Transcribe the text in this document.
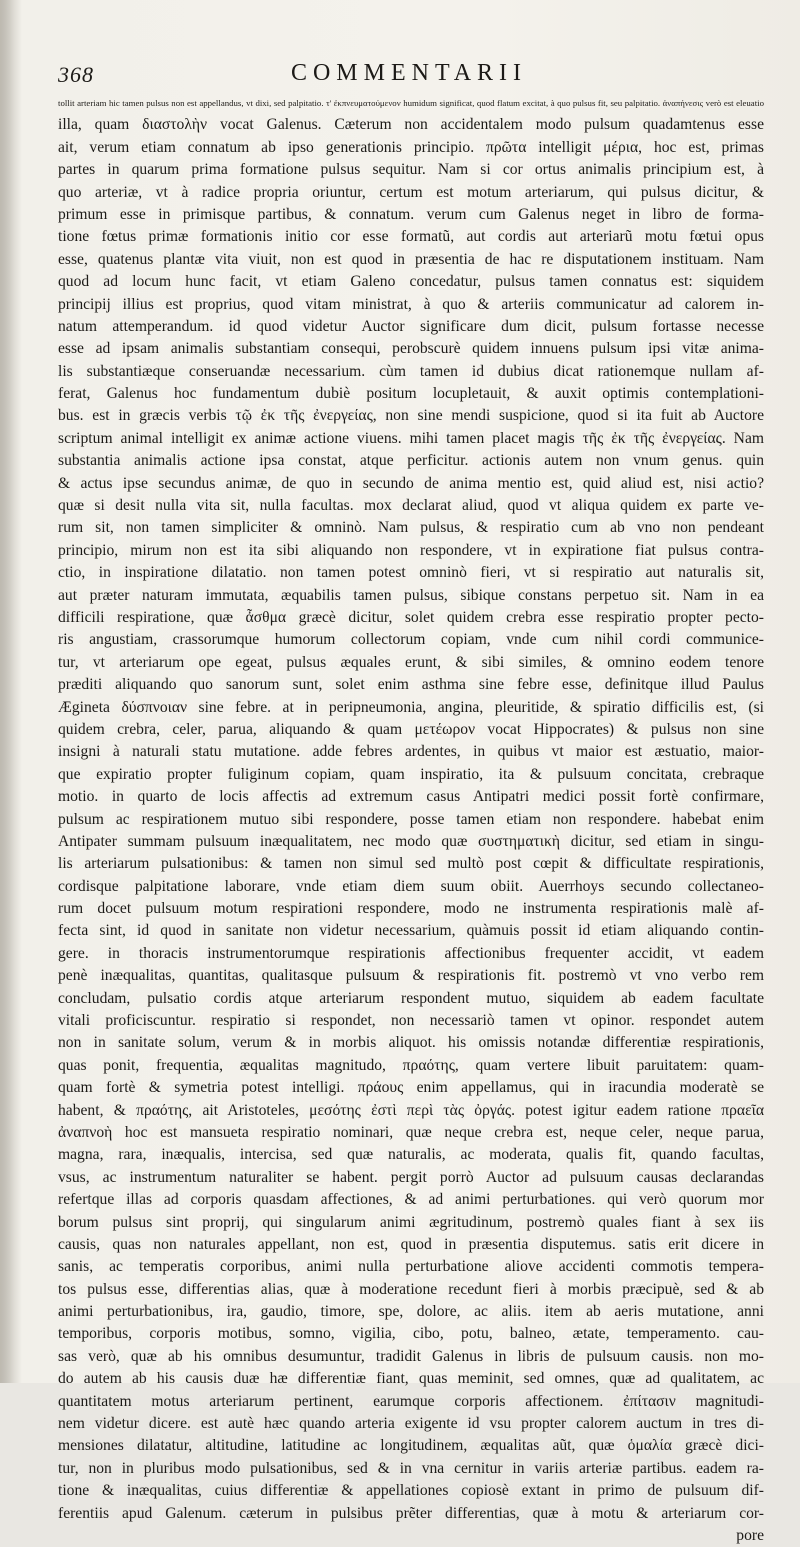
368	COMMENTARII
tollit arteriam hic tamen pulsus non est appellandus, vt dixi, sed palpitatio. τ' ἐκπνευματούμενον humidum significat, quod flatum excitat, à quo pulsus fit, seu palpitatio. ἀναπήνεσις verò est eleuatio
illa, quam διαστολὴν vocat Galenus. Cæterum non accidentalem modo pulsum quadamtenus esse
ait, verum etiam connatum ab ipso generationis principio. πρῶτα intelligit μέρια, hoc est, primas
partes in quarum prima formatione pulsus sequitur. Nam si cor ortus animalis principium est, à
quo arteriæ, vt à radice propria oriuntur, certum est motum arteriarum, qui pulsus dicitur, &
primum esse in primisque partibus, & connatum. verum cum Galenus neget in libro de forma-
tione fœtus primæ formationis initio cor esse formatũ, aut cordis aut arteriarũ motu fœtui opus
esse, quatenus plantæ vita viuit, non est quod in præsentia de hac re disputationem instituam. Nam
quod ad locum hunc facit, vt etiam Galeno concedatur, pulsus tamen connatus est: siquidem
principij illius est proprius, quod vitam ministrat, à quo & arteriis communicatur ad calorem in-
natum attemperandum. id quod videtur Auctor significare dum dicit, pulsum fortasse necesse
esse ad ipsam animalis substantiam consequi, perobscurè quidem innuens pulsum ipsi vitæ anima-
lis substantiæque conseruandæ necessarium. cùm tamen id dubius dicat rationemque nullam af-
ferat, Galenus hoc fundamentum dubiè positum locupletauit, & auxit optimis contemplationi-
bus. est in græcis verbis τῷ ἐκ τῆς ἐνεργείας, non sine mendi suspicione, quod si ita fuit ab Auctore
scriptum animal intelligit ex animæ actione viuens. mihi tamen placet magis τῆς ἐκ τῆς ἐνεργείας. Nam
substantia animalis actione ipsa constat, atque perficitur. actionis autem non vnum genus. quin
& actus ipse secundus animæ, de quo in secundo de anima mentio est, quid aliud est, nisi actio?
quæ si desit nulla vita sit, nulla facultas. mox declarat aliud, quod vt aliqua quidem ex parte ve-
rum sit, non tamen simpliciter & omninò. Nam pulsus, & respiratio cum ab vno non pendeant
principio, mirum non est ita sibi aliquando non respondere, vt in expiratione fiat pulsus contra-
ctio, in inspiratione dilatatio. non tamen potest omninò fieri, vt si respiratio aut naturalis sit,
aut præter naturam immutata, æquabilis tamen pulsus, sibique constans perpetuo sit. Nam in ea
difficili respiratione, quæ ἆσθμα græcè dicitur, solet quidem crebra esse respiratio propter pecto-
ris angustiam, crassorumque humorum collectorum copiam, vnde cum nihil cordi communice-
tur, vt arteriarum ope egeat, pulsus æquales erunt, & sibi similes, & omnino eodem tenore
præditi aliquando quo sanorum sunt, solet enim asthma sine febre esse, definitque illud Paulus
Ægineta δύσπνοιαν sine febre. at in peripneumonia, angina, pleuritide, & spiratio difficilis est, (si
quidem crebra, celer, parua, aliquando & quam μετέωρον vocat Hippocrates) & pulsus non sine
insigni à naturali statu mutatione. adde febres ardentes, in quibus vt maior est æstuatio, maior-
que expiratio propter fuliginum copiam, quam inspiratio, ita & pulsuum concitata, crebraque
motio. in quarto de locis affectis ad extremum casus Antipatri medici possit fortè confirmare,
pulsum ac respirationem mutuo sibi respondere, posse tamen etiam non respondere. habebat enim
Antipater summam pulsuum inæqualitatem, nec modo quæ συστηματικὴ dicitur, sed etiam in singu-
lis arteriarum pulsationibus: & tamen non simul sed multò post cœpit & difficultate respirationis,
cordisque palpitatione laborare, vnde etiam diem suum obiit. Auerrhoys secundo collectaneo-
rum docet pulsuum motum respirationi respondere, modo ne instrumenta respirationis malè af-
fecta sint, id quod in sanitate non videtur necessarium, quàmuis possit id etiam aliquando contin-
gere. in thoracis instrumentorumque respirationis affectionibus frequenter accidit, vt eadem
penè inæqualitas, quantitas, qualitasque pulsuum & respirationis fit. postremò vt vno verbo rem
concludam, pulsatio cordis atque arteriarum respondent mutuo, siquidem ab eadem facultate
vitali proficiscuntur. respiratio si respondet, non necessariò tamen vt opinor. respondet autem
non in sanitate solum, verum & in morbis aliquot. his omissis notandæ differentiæ respirationis,
quas ponit, frequentia, æqualitas magnitudo, πραότης, quam vertere libuit paruitatem: quam-
quam fortè & symetria potest intelligi. πράους enim appellamus, qui in iracundia moderatè se
habent, & πραότης, ait Aristoteles, μεσότης ἐστὶ περὶ τὰς ὀργάς. potest igitur eadem ratione πραεῖα
ἀναπνοὴ hoc est mansueta respiratio nominari, quæ neque crebra est, neque celer, neque parua,
magna, rara, inæqualis, intercisa, sed quæ naturalis, ac moderata, qualis fit, quando facultas,
vsus, ac instrumentum naturaliter se habent. pergit porrò Auctor ad pulsuum causas declarandas
refertque illas ad corporis quasdam affectiones, & ad animi perturbationes. qui verò quorum mor
borum pulsus sint proprij, qui singularum animi ægritudinum, postremò quales fiant à sex iis
causis, quas non naturales appellant, non est, quod in præsentia disputemus. satis erit dicere in
sanis, ac temperatis corporibus, animi nulla perturbatione aliove accidenti commotis tempera-
tos pulsus esse, differentias alias, quæ à moderatione recedunt fieri à morbis præcipuè, sed & ab
animi perturbationibus, ira, gaudio, timore, spe, dolore, ac aliis. item ab aeris mutatione, anni
temporibus, corporis motibus, somno, vigilia, cibo, potu, balneo, ætate, temperamento. cau-
sas verò, quæ ab his omnibus desumuntur, tradidit Galenus in libris de pulsuum causis. non mo-
do autem ab his causis duæ hæ differentiæ fiant, quas meminit, sed omnes, quæ ad qualitatem, ac
quantitatem motus arteriarum pertinent, earumque corporis affectionem. ἐπίτασιν magnitudi-
nem videtur dicere. est autè hæc quando arteria exigente id vsu propter calorem auctum in tres di-
mensiones dilatatur, altitudine, latitudine ac longitudinem, æqualitas aũt, quæ ὁμαλία græcè dici-
tur, non in pluribus modo pulsationibus, sed & in vna cernitur in variis arteriæ partibus. eadem ra-
tione & inæqualitas, cuius differentiæ & appellationes copiosè extant in primo de pulsuum dif-
ferentiis apud Galenum. cæterum in pulsibus prẽter differentias, quæ à motu & arteriarum cor-
pore
